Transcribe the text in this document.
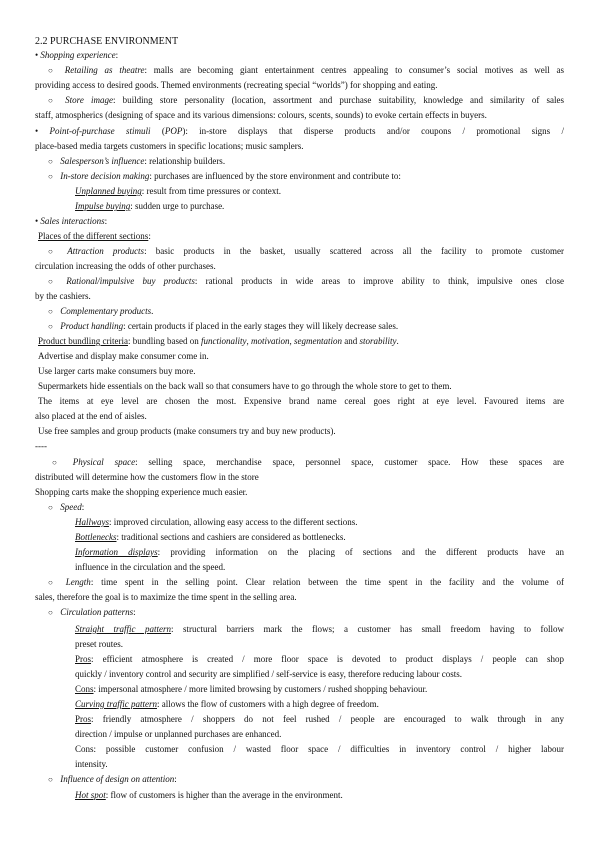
2.2 PURCHASE ENVIRONMENT
• Shopping experience:
○ Retailing as theatre: malls are becoming giant entertainment centres appealing to consumer’s social motives as well as
providing access to desired goods. Themed environments (recreating special “worlds”) for shopping and eating.
○ Store image: building store personality (location, assortment and purchase suitability, knowledge and similarity of sales
staff, atmospherics (designing of space and its various dimensions: colours, scents, sounds) to evoke certain effects in buyers.
• Point-of-purchase stimuli (POP): in-store displays that disperse products and/or coupons / promotional signs /
place-based media targets customers in specific locations; music samplers.
○ Salesperson’s influence: relationship builders.
○ In-store decision making: purchases are influenced by the store environment and contribute to:
Unplanned buying: result from time pressures or context.
Impulse buying: sudden urge to purchase.
• Sales interactions:
Places of the different sections:
○ Attraction products: basic products in the basket, usually scattered across all the facility to promote customer
circulation increasing the odds of other purchases.
○ Rational/impulsive buy products: rational products in wide areas to improve ability to think, impulsive ones close
by the cashiers.
○ Complementary products.
○ Product handling: certain products if placed in the early stages they will likely decrease sales.
Product bundling criteria: bundling based on functionality, motivation, segmentation and storability.
Advertise and display make consumer come in.
Use larger carts make consumers buy more.
Supermarkets hide essentials on the back wall so that consumers have to go through the whole store to get to them.
The items at eye level are chosen the most. Expensive brand name cereal goes right at eye level. Favoured items are
also placed at the end of aisles.
Use free samples and group products (make consumers try and buy new products).
----
○ Physical space: selling space, merchandise space, personnel space, customer space. How these spaces are
distributed will determine how the customers flow in the store
Shopping carts make the shopping experience much easier.
○ Speed:
Hallways: improved circulation, allowing easy access to the different sections.
Bottlenecks: traditional sections and cashiers are considered as bottlenecks.
Information displays: providing information on the placing of sections and the different products have an
influence in the circulation and the speed.
○ Length: time spent in the selling point. Clear relation between the time spent in the facility and the volume of
sales, therefore the goal is to maximize the time spent in the selling area.
○ Circulation patterns:
Straight traffic pattern: structural barriers mark the flows; a customer has small freedom having to follow
preset routes.
Pros: efficient atmosphere is created / more floor space is devoted to product displays / people can shop
quickly / inventory control and security are simplified / self-service is easy, therefore reducing labour costs.
Cons: impersonal atmosphere / more limited browsing by customers / rushed shopping behaviour.
Curving traffic pattern: allows the flow of customers with a high degree of freedom.
Pros: friendly atmosphere / shoppers do not feel rushed / people are encouraged to walk through in any
direction / impulse or unplanned purchases are enhanced.
Cons: possible customer confusion / wasted floor space / difficulties in inventory control / higher labour
intensity.
○ Influence of design on attention:
Hot spot: flow of customers is higher than the average in the environment.
